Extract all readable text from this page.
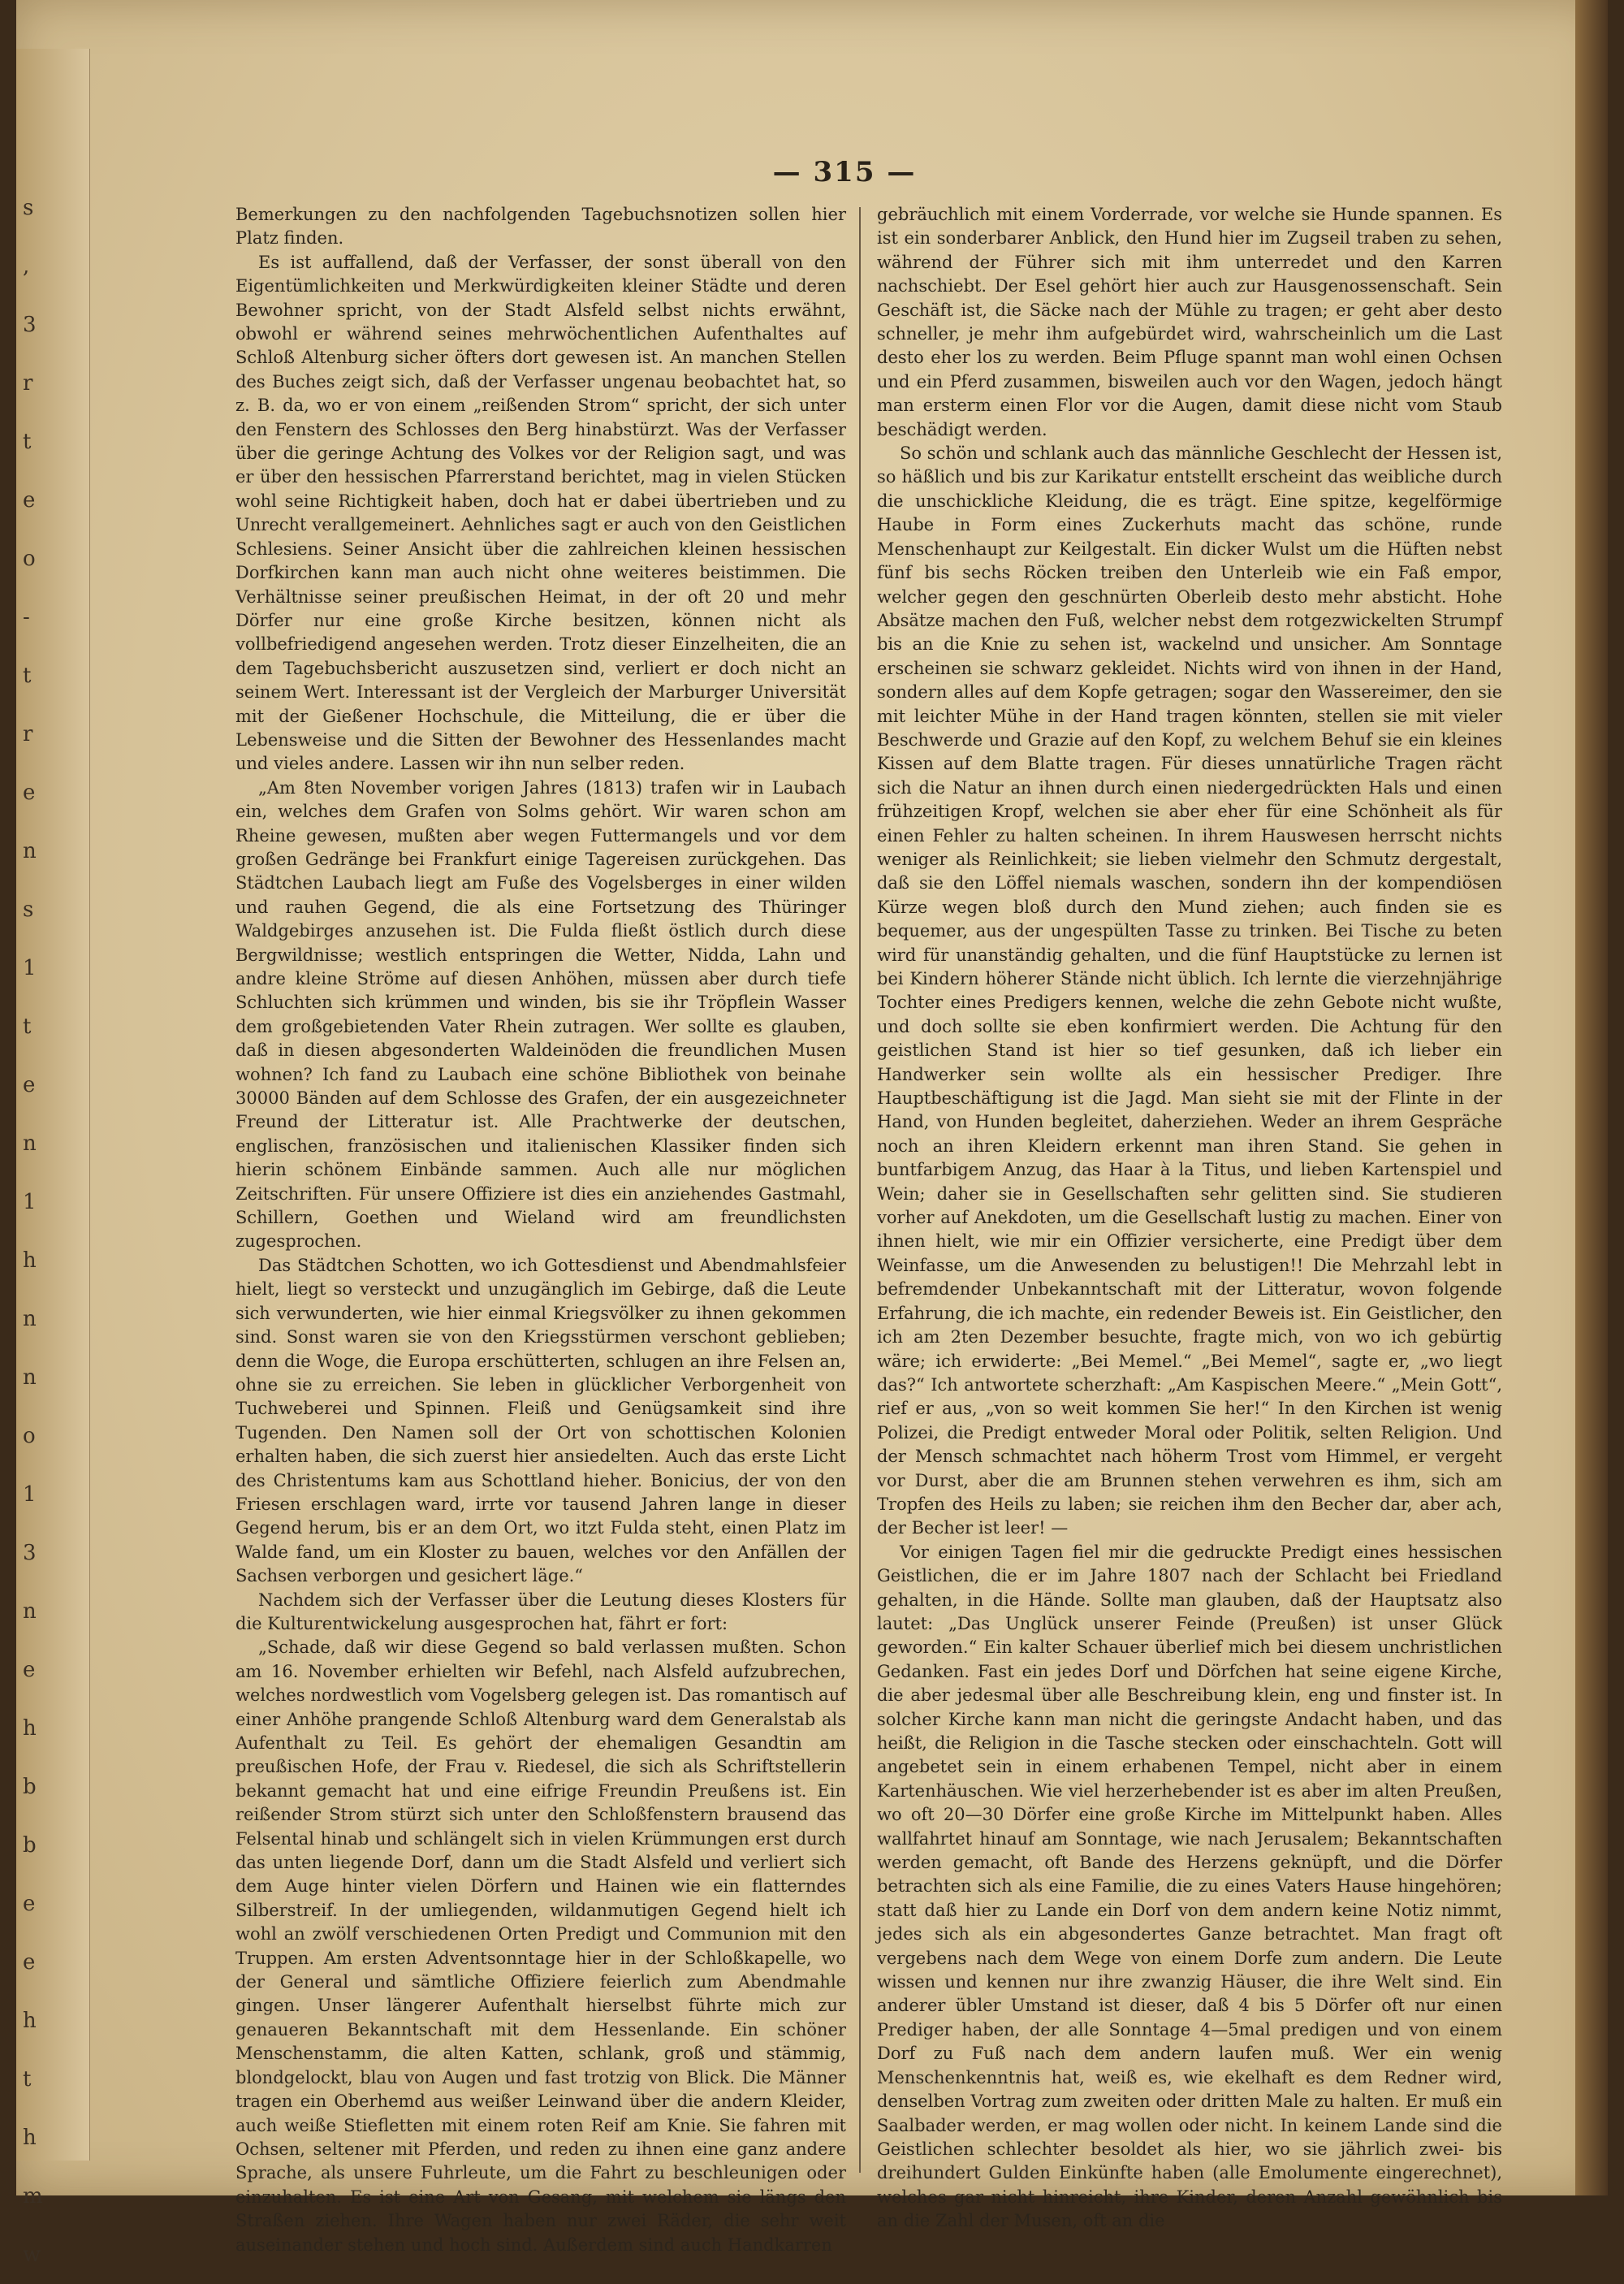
s
,
3
r
t
e
o
-
t
r
e
n
s
1
t
e
n
1
h
n
n
o
1
3
n
e
h
b
b
e
e
h
t
h
m
w
— 315 —

Bemerkungen zu den nachfolgenden Tagebuchsnotizen sollen hier Platz finden.

Es ist auffallend, daß der Verfasser, der sonst überall von den Eigentümlichkeiten und Merkwürdigkeiten kleiner Städte und deren Bewohner spricht, von der Stadt Alsfeld selbst nichts erwähnt, obwohl er während seines mehrwöchentlichen Aufenthaltes auf Schloß Altenburg sicher öfters dort gewesen ist. An manchen Stellen des Buches zeigt sich, daß der Verfasser ungenau beobachtet hat, so z. B. da, wo er von einem „reißenden Strom“ spricht, der sich unter den Fenstern des Schlosses den Berg hinabstürzt. Was der Verfasser über die geringe Achtung des Volkes vor der Religion sagt, und was er über den hessischen Pfarrerstand berichtet, mag in vielen Stücken wohl seine Richtigkeit haben, doch hat er dabei übertrieben und zu Unrecht verallgemeinert. Aehnliches sagt er auch von den Geistlichen Schlesiens. Seiner Ansicht über die zahlreichen kleinen hessischen Dorfkirchen kann man auch nicht ohne weiteres beistimmen. Die Verhältnisse seiner preußischen Heimat, in der oft 20 und mehr Dörfer nur eine große Kirche besitzen, können nicht als vollbefriedigend angesehen werden. Trotz dieser Einzelheiten, die an dem Tagebuchsbericht auszusetzen sind, verliert er doch nicht an seinem Wert. Interessant ist der Vergleich der Marburger Universität mit der Gießener Hochschule, die Mitteilung, die er über die Lebensweise und die Sitten der Bewohner des Hessenlandes macht und vieles andere. Lassen wir ihn nun selber reden.

„Am 8ten November vorigen Jahres (1813) trafen wir in Laubach ein, welches dem Grafen von Solms gehört. Wir waren schon am Rheine gewesen, mußten aber wegen Futtermangels und vor dem großen Gedränge bei Frankfurt einige Tagereisen zurückgehen. Das Städtchen Laubach liegt am Fuße des Vogelsberges in einer wilden und rauhen Gegend, die als eine Fortsetzung des Thüringer Waldgebirges anzusehen ist. Die Fulda fließt östlich durch diese Bergwildnisse; westlich entspringen die Wetter, Nidda, Lahn und andre kleine Ströme auf diesen Anhöhen, müssen aber durch tiefe Schluchten sich krümmen und winden, bis sie ihr Tröpflein Wasser dem großgebietenden Vater Rhein zutragen. Wer sollte es glauben, daß in diesen abgesonderten Waldeinöden die freundlichen Musen wohnen? Ich fand zu Laubach eine schöne Bibliothek von beinahe 30000 Bänden auf dem Schlosse des Grafen, der ein ausgezeichneter Freund der Litteratur ist. Alle Prachtwerke der deutschen, englischen, französischen und italienischen Klassiker finden sich hierin schönem Einbände sammen. Auch alle nur möglichen Zeitschriften. Für unsere Offiziere ist dies ein anziehendes Gastmahl, Schillern, Goethen und Wieland wird am freundlichsten zugesprochen.

Das Städtchen Schotten, wo ich Gottesdienst und Abendmahlsfeier hielt, liegt so versteckt und unzugänglich im Gebirge, daß die Leute sich verwunderten, wie hier einmal Kriegsvölker zu ihnen gekommen sind. Sonst waren sie von den Kriegsstürmen verschont geblieben; denn die Woge, die Europa erschütterten, schlugen an ihre Felsen an, ohne sie zu erreichen. Sie leben in glücklicher Verborgenheit von Tuchweberei und Spinnen. Fleiß und Genügsamkeit sind ihre Tugenden. Den Namen soll der Ort von schottischen Kolonien erhalten haben, die sich zuerst hier ansiedelten. Auch das erste Licht des Christentums kam aus Schottland hieher. Bonicius, der von den Friesen erschlagen ward, irrte vor tausend Jahren lange in dieser Gegend herum, bis er an dem Ort, wo itzt Fulda steht, einen Platz im Walde fand, um ein Kloster zu bauen, welches vor den Anfällen der Sachsen verborgen und gesichert läge.“

Nachdem sich der Verfasser über die Leutung dieses Klosters für die Kulturentwickelung ausgesprochen hat, fährt er fort:

„Schade, daß wir diese Gegend so bald verlassen mußten. Schon am 16. November erhielten wir Befehl, nach Alsfeld aufzubrechen, welches nordwestlich vom Vogelsberg gelegen ist. Das romantisch auf einer Anhöhe prangende Schloß Altenburg ward dem Generalstab als Aufenthalt zu Teil. Es gehört der ehemaligen Gesandtin am preußischen Hofe, der Frau v. Riedesel, die sich als Schriftstellerin bekannt gemacht hat und eine eifrige Freundin Preußens ist. Ein reißender Strom stürzt sich unter den Schloßfenstern brausend das Felsental hinab und schlängelt sich in vielen Krümmungen erst durch das unten liegende Dorf, dann um die Stadt Alsfeld und verliert sich dem Auge hinter vielen Dörfern und Hainen wie ein flatterndes Silberstreif. In der umliegenden, wildanmutigen Gegend hielt ich wohl an zwölf verschiedenen Orten Predigt und Communion mit den Truppen. Am ersten Adventsonntage hier in der Schloßkapelle, wo der General und sämtliche Offiziere feierlich zum Abendmahle gingen. Unser längerer Aufenthalt hierselbst führte mich zur genaueren Bekanntschaft mit dem Hessenlande. Ein schöner Menschenstamm, die alten Katten, schlank, groß und stämmig, blondgelockt, blau von Augen und fast trotzig von Blick. Die Männer tragen ein Oberhemd aus weißer Leinwand über die andern Kleider, auch weiße Stiefletten mit einem roten Reif am Knie. Sie fahren mit Ochsen, seltener mit Pferden, und reden zu ihnen eine ganz andere Sprache, als unsere Fuhrleute, um die Fahrt zu beschleunigen oder einzuhalten. Es ist eine Art von Gesang, mit welchem sie längs den Straßen ziehen. Ihre Wagen haben nur zwei Räder, die sehr weit auseinander stehen und hoch sind. Außerdem sind auch Handkarren

gebräuchlich mit einem Vorderrade, vor welche sie Hunde spannen. Es ist ein sonderbarer Anblick, den Hund hier im Zugseil traben zu sehen, während der Führer sich mit ihm unterredet und den Karren nachschiebt. Der Esel gehört hier auch zur Hausgenossenschaft. Sein Geschäft ist, die Säcke nach der Mühle zu tragen; er geht aber desto schneller, je mehr ihm aufgebürdet wird, wahrscheinlich um die Last desto eher los zu werden. Beim Pfluge spannt man wohl einen Ochsen und ein Pferd zusammen, bisweilen auch vor den Wagen, jedoch hängt man ersterm einen Flor vor die Augen, damit diese nicht vom Staub beschädigt werden.

So schön und schlank auch das männliche Geschlecht der Hessen ist, so häßlich und bis zur Karikatur entstellt erscheint das weibliche durch die unschickliche Kleidung, die es trägt. Eine spitze, kegelförmige Haube in Form eines Zuckerhuts macht das schöne, runde Menschenhaupt zur Keilgestalt. Ein dicker Wulst um die Hüften nebst fünf bis sechs Röcken treiben den Unterleib wie ein Faß empor, welcher gegen den geschnürten Oberleib desto mehr absticht. Hohe Absätze machen den Fuß, welcher nebst dem rotgezwickelten Strumpf bis an die Knie zu sehen ist, wackelnd und unsicher. Am Sonntage erscheinen sie schwarz gekleidet. Nichts wird von ihnen in der Hand, sondern alles auf dem Kopfe getragen; sogar den Wassereimer, den sie mit leichter Mühe in der Hand tragen könnten, stellen sie mit vieler Beschwerde und Grazie auf den Kopf, zu welchem Behuf sie ein kleines Kissen auf dem Blatte tragen. Für dieses unnatürliche Tragen rächt sich die Natur an ihnen durch einen niedergedrückten Hals und einen frühzeitigen Kropf, welchen sie aber eher für eine Schönheit als für einen Fehler zu halten scheinen. In ihrem Hauswesen herrscht nichts weniger als Reinlichkeit; sie lieben vielmehr den Schmutz dergestalt, daß sie den Löffel niemals waschen, sondern ihn der kompendiösen Kürze wegen bloß durch den Mund ziehen; auch finden sie es bequemer, aus der ungespülten Tasse zu trinken. Bei Tische zu beten wird für unanständig gehalten, und die fünf Hauptstücke zu lernen ist bei Kindern höherer Stände nicht üblich. Ich lernte die vierzehnjährige Tochter eines Predigers kennen, welche die zehn Gebote nicht wußte, und doch sollte sie eben konfirmiert werden. Die Achtung für den geistlichen Stand ist hier so tief gesunken, daß ich lieber ein Handwerker sein wollte als ein hessischer Prediger. Ihre Hauptbeschäftigung ist die Jagd. Man sieht sie mit der Flinte in der Hand, von Hunden begleitet, daherziehen. Weder an ihrem Gespräche noch an ihren Kleidern erkennt man ihren Stand. Sie gehen in buntfarbigem Anzug, das Haar à la Titus, und lieben Kartenspiel und Wein; daher sie in Gesellschaften sehr gelitten sind. Sie studieren vorher auf Anekdoten, um die Gesellschaft lustig zu machen. Einer von ihnen hielt, wie mir ein Offizier versicherte, eine Predigt über dem Weinfasse, um die Anwesenden zu belustigen!! Die Mehrzahl lebt in befremdender Unbekanntschaft mit der Litteratur, wovon folgende Erfahrung, die ich machte, ein redender Beweis ist. Ein Geistlicher, den ich am 2ten Dezember besuchte, fragte mich, von wo ich gebürtig wäre; ich erwiderte: „Bei Memel.“ „Bei Memel“, sagte er, „wo liegt das?“ Ich antwortete scherzhaft: „Am Kaspischen Meere.“ „Mein Gott“, rief er aus, „von so weit kommen Sie her!“ In den Kirchen ist wenig Polizei, die Predigt entweder Moral oder Politik, selten Religion. Und der Mensch schmachtet nach höherm Trost vom Himmel, er vergeht vor Durst, aber die am Brunnen stehen verwehren es ihm, sich am Tropfen des Heils zu laben; sie reichen ihm den Becher dar, aber ach, der Becher ist leer! —

Vor einigen Tagen fiel mir die gedruckte Predigt eines hessischen Geistlichen, die er im Jahre 1807 nach der Schlacht bei Friedland gehalten, in die Hände. Sollte man glauben, daß der Hauptsatz also lautet: „Das Unglück unserer Feinde (Preußen) ist unser Glück geworden.“ Ein kalter Schauer überlief mich bei diesem unchristlichen Gedanken. Fast ein jedes Dorf und Dörfchen hat seine eigene Kirche, die aber jedesmal über alle Beschreibung klein, eng und finster ist. In solcher Kirche kann man nicht die geringste Andacht haben, und das heißt, die Religion in die Tasche stecken oder einschachteln. Gott will angebetet sein in einem erhabenen Tempel, nicht aber in einem Kartenhäuschen. Wie viel herzerhebender ist es aber im alten Preußen, wo oft 20—30 Dörfer eine große Kirche im Mittelpunkt haben. Alles wallfahrtet hinauf am Sonntage, wie nach Jerusalem; Bekanntschaften werden gemacht, oft Bande des Herzens geknüpft, und die Dörfer betrachten sich als eine Familie, die zu eines Vaters Hause hingehören; statt daß hier zu Lande ein Dorf von dem andern keine Notiz nimmt, jedes sich als ein abgesondertes Ganze betrachtet. Man fragt oft vergebens nach dem Wege von einem Dorfe zum andern. Die Leute wissen und kennen nur ihre zwanzig Häuser, die ihre Welt sind. Ein anderer übler Umstand ist dieser, daß 4 bis 5 Dörfer oft nur einen Prediger haben, der alle Sonntage 4—5mal predigen und von einem Dorf zu Fuß nach dem andern laufen muß. Wer ein wenig Menschenkenntnis hat, weiß es, wie ekelhaft es dem Redner wird, denselben Vortrag zum zweiten oder dritten Male zu halten. Er muß ein Saalbader werden, er mag wollen oder nicht. In keinem Lande sind die Geistlichen schlechter besoldet als hier, wo sie jährlich zwei- bis dreihundert Gulden Einkünfte haben (alle Emolumente eingerechnet), welches gar nicht hinreicht, ihre Kinder, deren Anzahl gewöhnlich bis an die Zahl der Musen, oft an die
